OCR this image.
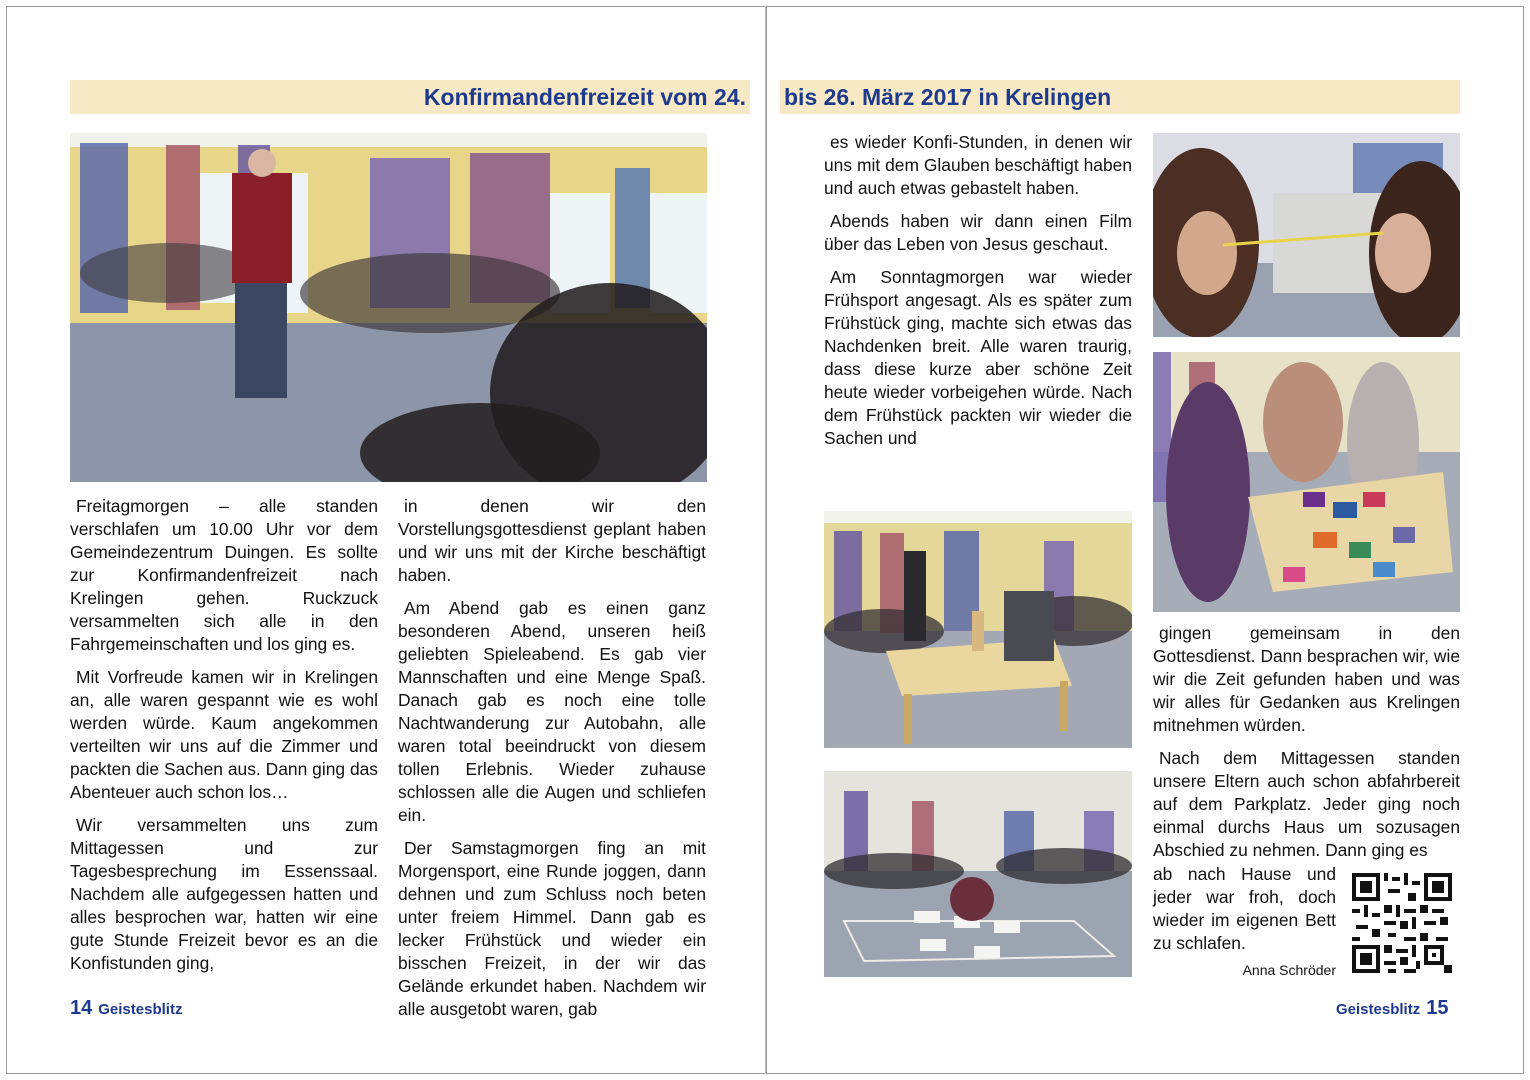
Konfirmandenfreizeit vom 24. bis 26. März 2017 in Krelingen

Freitagmorgen – alle standen verschlafen um 10.00 Uhr vor dem Gemeindezentrum Duingen. Es sollte zur Konfirmandenfreizeit nach Krelingen gehen. Ruckzuck versammelten sich alle in den Fahrgemeinschaften und los ging es.

Mit Vorfreude kamen wir in Krelingen an, alle waren gespannt wie es wohl werden würde. Kaum angekommen verteilten wir uns auf die Zimmer und packten die Sachen aus. Dann ging das Abenteuer auch schon los…

Wir versammelten uns zum Mittagessen und zur Tagesbesprechung im Essenssaal. Nachdem alle aufgegessen hatten und alles besprochen war, hatten wir eine gute Stunde Freizeit bevor es an die Konfistunden ging,

in denen wir den Vorstellungsgottesdienst geplant haben und wir uns mit der Kirche beschäftigt haben.

Am Abend gab es einen ganz besonderen Abend, unseren heiß geliebten Spieleabend. Es gab vier Mannschaften und eine Menge Spaß. Danach gab es noch eine tolle Nachtwanderung zur Autobahn, alle waren total beeindruckt von diesem tollen Erlebnis. Wieder zuhause schlossen alle die Augen und schliefen ein.

Der Samstagmorgen fing an mit Morgensport, eine Runde joggen, dann dehnen und zum Schluss noch beten unter freiem Himmel. Dann gab es lecker Frühstück und wieder ein bisschen Freizeit, in der wir das Gelände erkundet haben. Nachdem wir alle ausgetobt waren, gab

es wieder Konfi-Stunden, in denen wir uns mit dem Glauben beschäftigt haben und auch etwas gebastelt haben.

Abends haben wir dann einen Film über das Leben von Jesus geschaut.

Am Sonntagmorgen war wieder Frühsport angesagt. Als es später zum Frühstück ging, machte sich etwas das Nachdenken breit. Alle waren traurig, dass diese kurze aber schöne Zeit heute wieder vorbeigehen würde. Nach dem Frühstück packten wir wieder die Sachen und

gingen gemeinsam in den Gottesdienst. Dann besprachen wir, wie wir die Zeit gefunden haben und was wir alles für Gedanken aus Krelingen mitnehmen würden.

Nach dem Mittagessen standen unsere Eltern auch schon abfahrbereit auf dem Parkplatz. Jeder ging noch einmal durchs Haus um sozusagen Abschied zu nehmen. Dann ging es

ab nach Hause und jeder war froh, doch wieder im eigenen Bett zu schlafen.

Anna Schröder
14 Geistesblitz	Geistesblitz 15
